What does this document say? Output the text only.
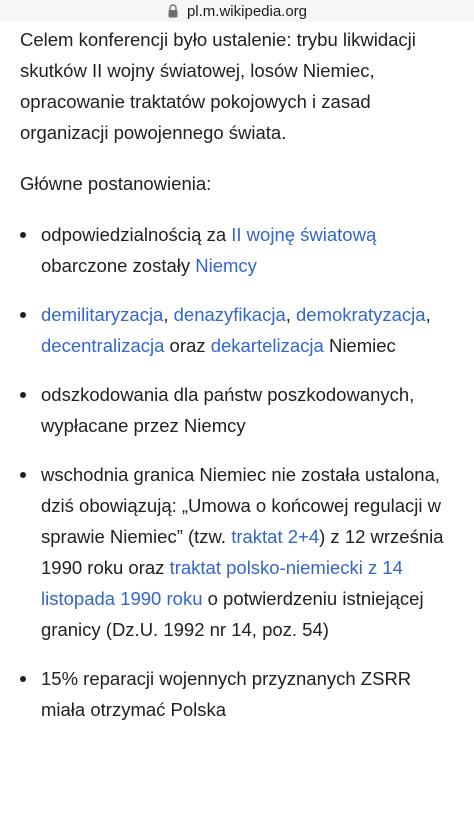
pl.m.wikipedia.org

Celem konferencji było ustalenie: trybu likwidacji skutków II wojny światowej, losów Niemiec, opracowanie traktatów pokojowych i zasad organizacji powojennego świata.

Główne postanowienia:

odpowiedzialnością za II wojnę światową obarczone zostały Niemcy
demilitaryzacja, denazyfikacja, demokratyzacja, decentralizacja oraz dekartelizacja Niemiec
odszkodowania dla państw poszkodowanych, wypłacane przez Niemcy
wschodnia granica Niemiec nie została ustalona, dziś obowiązują: „Umowa o końcowej regulacji w sprawie Niemiec” (tzw. traktat 2+4) z 12 września 1990 roku oraz traktat polsko-niemiecki z 14 listopada 1990 roku o potwierdzeniu istniejącej granicy (Dz.U. 1992 nr 14, poz. 54)
15% reparacji wojennych przyznanych ZSRR miała otrzymać Polska
